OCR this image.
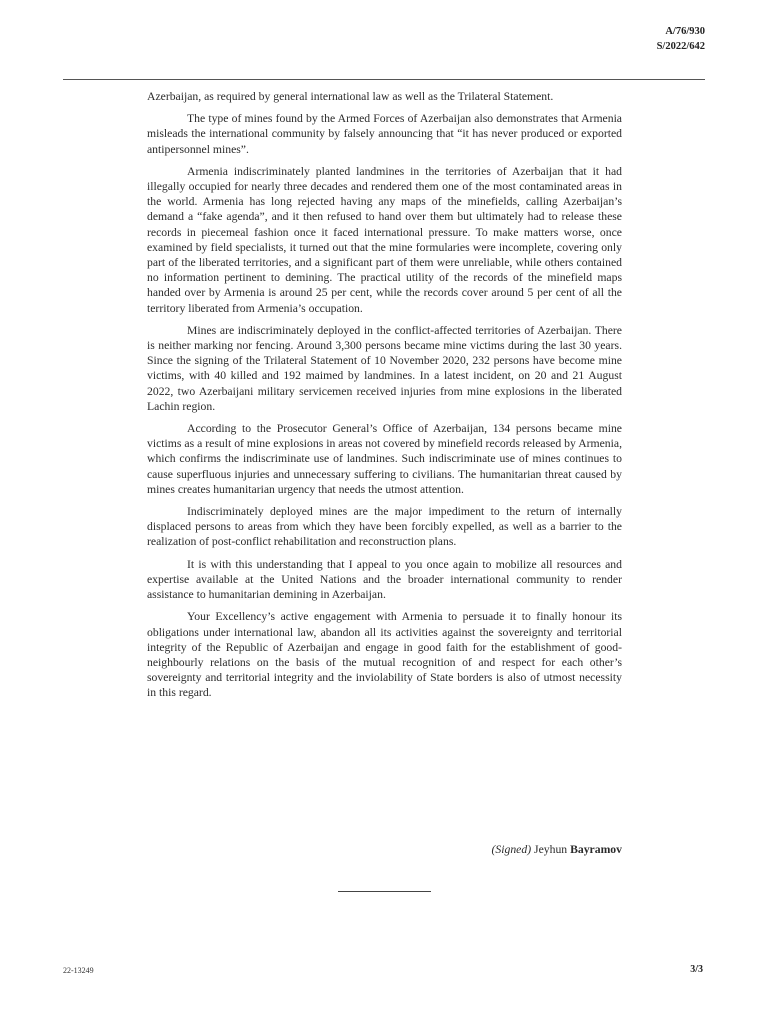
A/76/930
S/2022/642

Azerbaijan, as required by general international law as well as the Trilateral Statement.

The type of mines found by the Armed Forces of Azerbaijan also demonstrates that Armenia misleads the international community by falsely announcing that “it has never produced or exported antipersonnel mines”.

Armenia indiscriminately planted landmines in the territories of Azerbaijan that it had illegally occupied for nearly three decades and rendered them one of the most contaminated areas in the world. Armenia has long rejected having any maps of the minefields, calling Azerbaijan’s demand a “fake agenda”, and it then refused to hand over them but ultimately had to release these records in piecemeal fashion once it faced international pressure. To make matters worse, once examined by field specialists, it turned out that the mine formularies were incomplete, covering only part of the liberated territories, and a significant part of them were unreliable, while others contained no information pertinent to demining. The practical utility of the records of the minefield maps handed over by Armenia is around 25 per cent, while the records cover around 5 per cent of all the territory liberated from Armenia’s occupation.

Mines are indiscriminately deployed in the conflict-affected territories of Azerbaijan. There is neither marking nor fencing. Around 3,300 persons became mine victims during the last 30 years. Since the signing of the Trilateral Statement of 10 November 2020, 232 persons have become mine victims, with 40 killed and 192 maimed by landmines. In a latest incident, on 20 and 21 August 2022, two Azerbaijani military servicemen received injuries from mine explosions in the liberated Lachin region.

According to the Prosecutor General’s Office of Azerbaijan, 134 persons became mine victims as a result of mine explosions in areas not covered by minefield records released by Armenia, which confirms the indiscriminate use of landmines. Such indiscriminate use of mines continues to cause superfluous injuries and unnecessary suffering to civilians. The humanitarian threat caused by mines creates humanitarian urgency that needs the utmost attention.

Indiscriminately deployed mines are the major impediment to the return of internally displaced persons to areas from which they have been forcibly expelled, as well as a barrier to the realization of post-conflict rehabilitation and reconstruction plans.

It is with this understanding that I appeal to you once again to mobilize all resources and expertise available at the United Nations and the broader international community to render assistance to humanitarian demining in Azerbaijan.

Your Excellency’s active engagement with Armenia to persuade it to finally honour its obligations under international law, abandon all its activities against the sovereignty and territorial integrity of the Republic of Azerbaijan and engage in good faith for the establishment of good-neighbourly relations on the basis of the mutual recognition of and respect for each other’s sovereignty and territorial integrity and the inviolability of State borders is also of utmost necessity in this regard.

(Signed) Jeyhun Bayramov
22-13249	3/3
